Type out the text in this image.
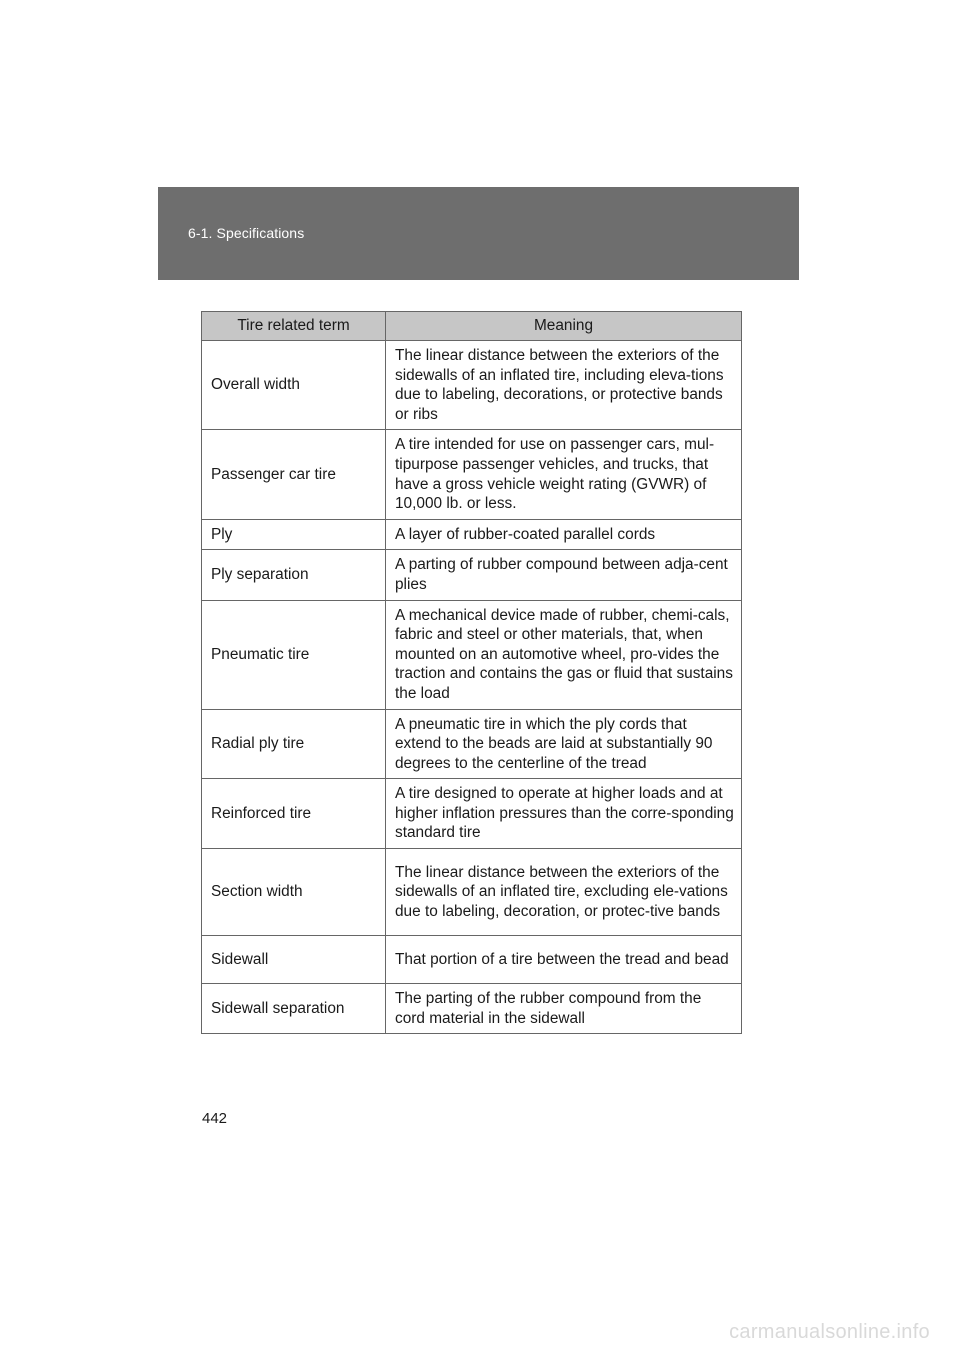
6-1. Specifications
Tire related term	Meaning
Overall width	The linear distance between the exteriors of the sidewalls of an inflated tire, including eleva-tions due to labeling, decorations, or protective bands or ribs
Passenger car tire	A tire intended for use on passenger cars, mul-tipurpose passenger vehicles, and trucks, that have a gross vehicle weight rating (GVWR) of 10,000 lb. or less.
Ply	A layer of rubber-coated parallel cords
Ply separation	A parting of rubber compound between adja-cent plies
Pneumatic tire	A mechanical device made of rubber, chemi-cals, fabric and steel or other materials, that, when mounted on an automotive wheel, pro-vides the traction and contains the gas or fluid that sustains the load
Radial ply tire	A pneumatic tire in which the ply cords that extend to the beads are laid at substantially 90 degrees to the centerline of the tread
Reinforced tire	A tire designed to operate at higher loads and at higher inflation pressures than the corre-sponding standard tire
Section width	The linear distance between the exteriors of the sidewalls of an inflated tire, excluding ele-vations due to labeling, decoration, or protec-tive bands
Sidewall	That portion of a tire between the tread and bead
Sidewall separation	The parting of the rubber compound from the cord material in the sidewall
442
carmanualsonline.info
